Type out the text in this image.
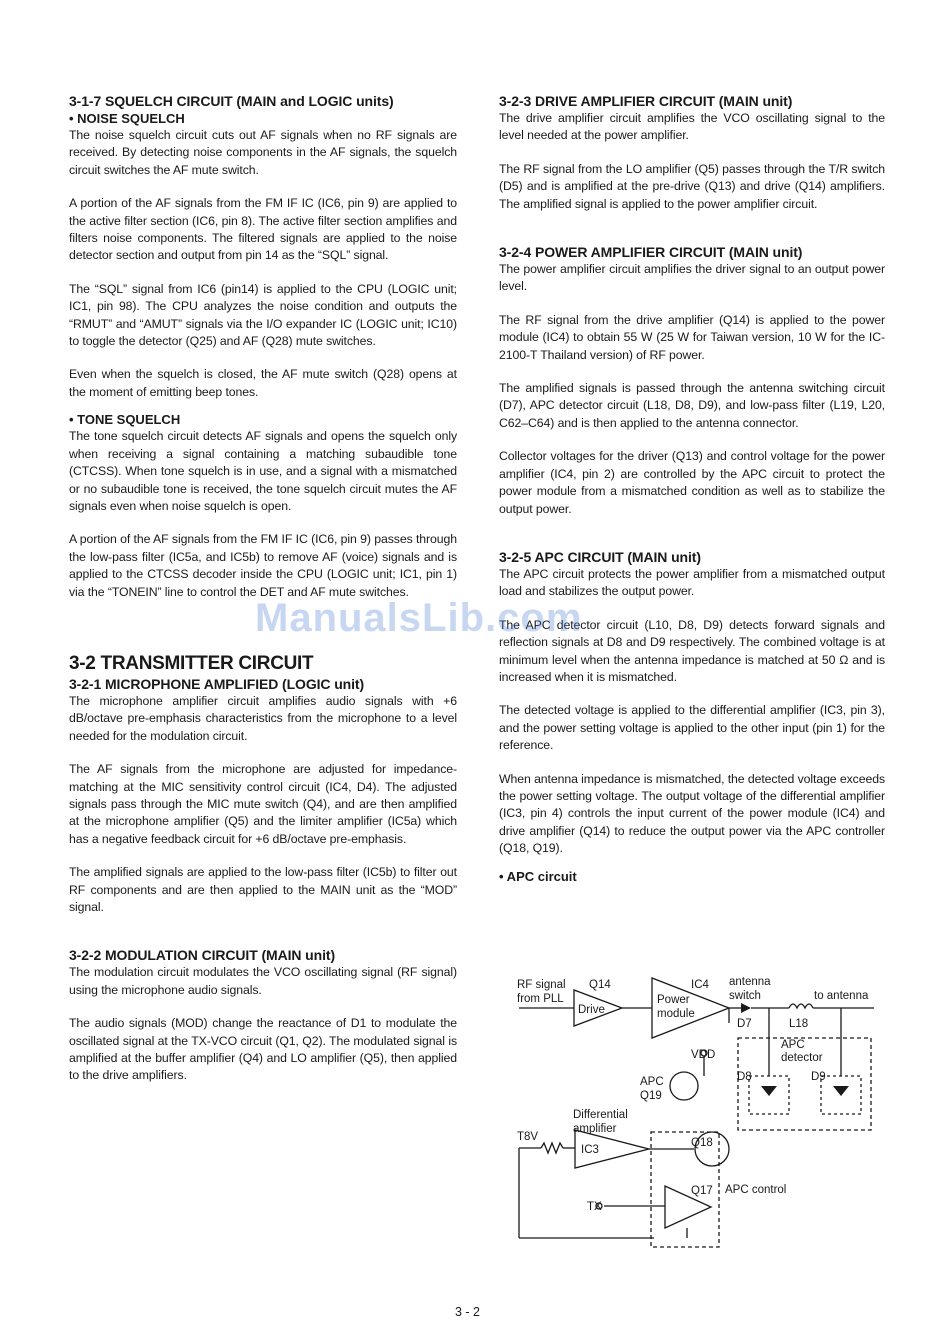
3-1-7 SQUELCH CIRCUIT (MAIN and LOGIC units)
• NOISE SQUELCH

The noise squelch circuit cuts out AF signals when no RF signals are received. By detecting noise components in the AF signals, the squelch circuit switches the AF mute switch.

A portion of the AF signals from the FM IF IC (IC6, pin 9) are applied to the active filter section (IC6, pin 8). The active filter section amplifies and filters noise components. The filtered signals are applied to the noise detector section and output from pin 14 as the “SQL” signal.

The “SQL” signal from IC6 (pin14) is applied to the CPU (LOGIC unit; IC1, pin 98). The CPU analyzes the noise condition and outputs the “RMUT” and “AMUT” signals via the I/O expander IC (LOGIC unit; IC10) to toggle the detector (Q25) and AF (Q28) mute switches.

Even when the squelch is closed, the AF mute switch (Q28) opens at the moment of emitting beep tones.

• TONE SQUELCH

The tone squelch circuit detects AF signals and opens the squelch only when receiving a signal containing a matching subaudible tone (CTCSS). When tone squelch is in use, and a signal with a mismatched or no subaudible tone is received, the tone squelch circuit mutes the AF signals even when noise squelch is open.

A portion of the AF signals from the FM IF IC (IC6, pin 9) passes through the low-pass filter (IC5a, and IC5b) to remove AF (voice) signals and is applied to the CTCSS decoder inside the CPU (LOGIC unit; IC1, pin 1) via the “TONEIN” line to control the DET and AF mute switches.

3-2 TRANSMITTER CIRCUIT
3-2-1 MICROPHONE AMPLIFIED (LOGIC unit)

The microphone amplifier circuit amplifies audio signals with +6 dB/octave pre-emphasis characteristics from the microphone to a level needed for the modulation circuit.

The AF signals from the microphone are adjusted for impedance-matching at the MIC sensitivity control circuit (IC4, D4). The adjusted signals pass through the MIC mute switch (Q4), and are then amplified at the microphone amplifier (Q5) and the limiter amplifier (IC5a) which has a negative feedback circuit for +6 dB/octave pre-emphasis.

The amplified signals are applied to the low-pass filter (IC5b) to filter out RF components and are then applied to the MAIN unit as the “MOD” signal.

3-2-2 MODULATION CIRCUIT (MAIN unit)

The modulation circuit modulates the VCO oscillating signal (RF signal) using the microphone audio signals.

The audio signals (MOD) change the reactance of D1 to modulate the oscillated signal at the TX-VCO circuit (Q1, Q2). The modulated signal is amplified at the buffer amplifier (Q4) and LO amplifier (Q5), then applied to the drive amplifiers.

3-2-3 DRIVE AMPLIFIER CIRCUIT (MAIN unit)

The drive amplifier circuit amplifies the VCO oscillating signal to the level needed at the power amplifier.

The RF signal from the LO amplifier (Q5) passes through the T/R switch (D5) and is amplified at the pre-drive (Q13) and drive (Q14) amplifiers. The amplified signal is applied to the power amplifier circuit.

3-2-4 POWER AMPLIFIER CIRCUIT (MAIN unit)

The power amplifier circuit amplifies the driver signal to an output power level.

The RF signal from the drive amplifier (Q14) is applied to the power module (IC4) to obtain 55 W (25 W for Taiwan version, 10 W for the IC-2100-T Thailand version) of RF power.

The amplified signals is passed through the antenna switching circuit (D7), APC detector circuit (L18, D8, D9), and low-pass filter (L19, L20, C62–C64) and is then applied to the antenna connector.

Collector voltages for the driver (Q13) and control voltage for the power amplifier (IC4, pin 2) are controlled by the APC circuit to protect the power module from a mismatched condition as well as to stabilize the output power.

3-2-5 APC CIRCUIT (MAIN unit)

The APC circuit protects the power amplifier from a mismatched output load and stabilizes the output power.

The APC detector circuit (L10, D8, D9) detects forward signals and reflection signals at D8 and D9 respectively. The combined voltage is at minimum level when the antenna impedance is matched at 50 Ω and is increased when it is mismatched.

The detected voltage is applied to the differential amplifier (IC3, pin 3), and the power setting voltage is applied to the other input (pin 1) for the reference.

When antenna impedance is mismatched, the detected voltage exceeds the power setting voltage. The output voltage of the differential amplifier (IC3, pin 4) controls the input current of the power module (IC4) and drive amplifier (Q14) to reduce the output power via the APC controller (Q18, Q19).

• APC circuit
ManualsLib.com
RF signal
from PLL
Q14
Drive
IC4
Power
module
antenna
switch	to antenna
D7	L18
APC
detector
VDD
D8	D9
APC
Q19
Differential
amplifier
T8V
IC3
Q18
Q17 APC control
TX
3 - 2
